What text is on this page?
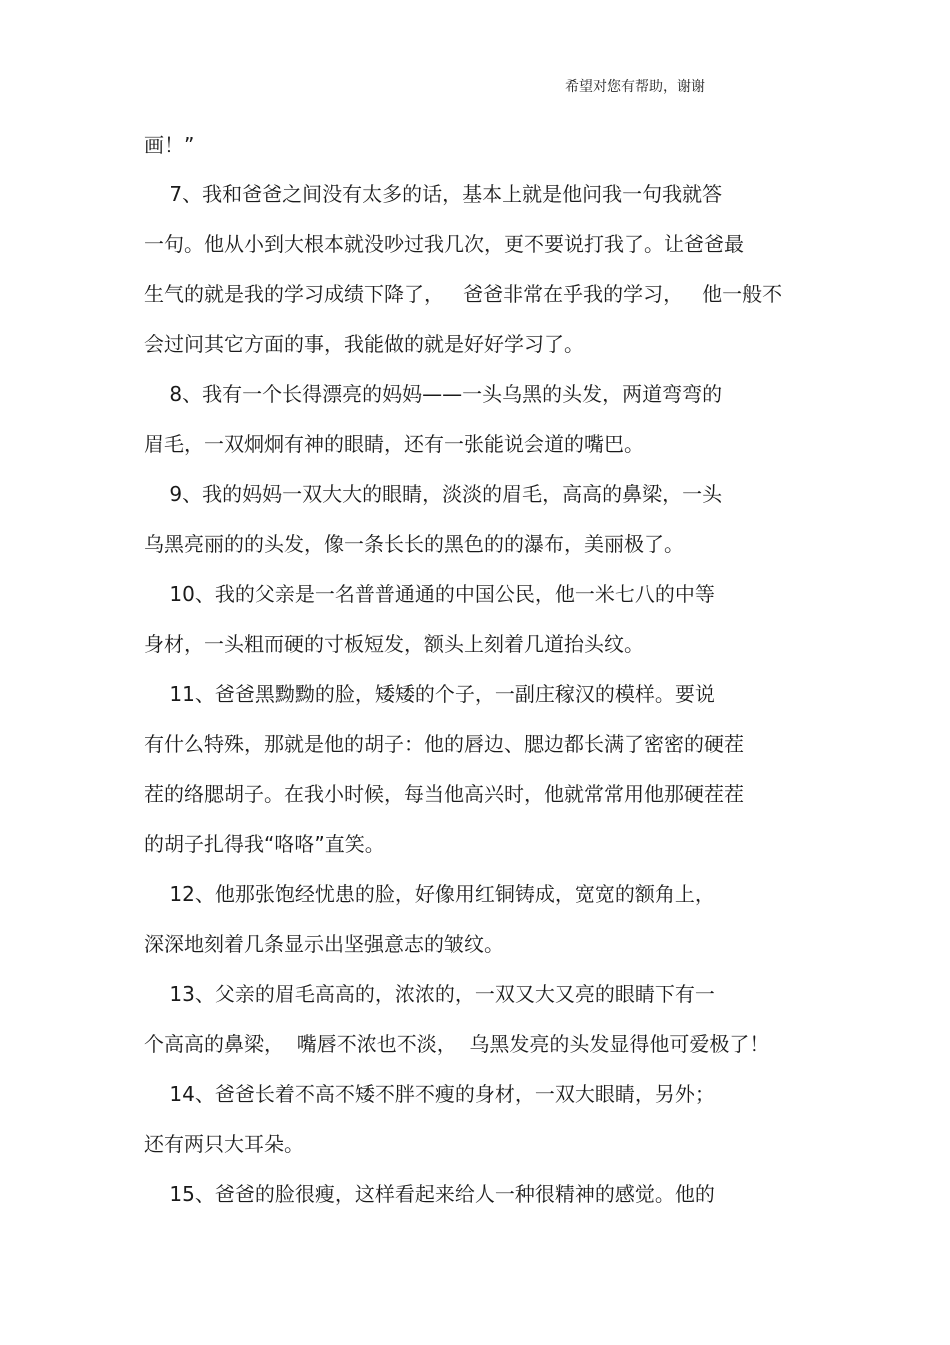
希望对您有帮助，谢谢
画！”
7、我和爸爸之间没有太多的话，基本上就是他问我一句我就答
一句。他从小到大根本就没吵过我几次，更不要说打我了。让爸爸最
生气的就是我的学习成绩下降了，   爸爸非常在乎我的学习，   他一般不
会过问其它方面的事，我能做的就是好好学习了。
8、我有一个长得漂亮的妈妈——一头乌黑的头发，两道弯弯的
眉毛，一双炯炯有神的眼睛，还有一张能说会道的嘴巴。
9、我的妈妈一双大大的眼睛，淡淡的眉毛，高高的鼻梁，一头
乌黑亮丽的的头发，像一条长长的黑色的的瀑布，美丽极了。
10、我的父亲是一名普普通通的中国公民，他一米七八的中等
身材，一头粗而硬的寸板短发，额头上刻着几道抬头纹。
11、爸爸黑黝黝的脸，矮矮的个子，一副庄稼汉的模样。要说
有什么特殊，那就是他的胡子：他的唇边、腮边都长满了密密的硬茬
茬的络腮胡子。在我小时候，每当他高兴时，他就常常用他那硬茬茬
的胡子扎得我“咯咯”直笑。
12、他那张饱经忧患的脸，好像用红铜铸成，宽宽的额角上，
深深地刻着几条显示出坚强意志的皱纹。
13、父亲的眉毛高高的，浓浓的，一双又大又亮的眼睛下有一
个高高的鼻梁，  嘴唇不浓也不淡，  乌黑发亮的头发显得他可爱极了！
14、爸爸长着不高不矮不胖不瘦的身材，一双大眼睛，另外；
还有两只大耳朵。
15、爸爸的脸很瘦，这样看起来给人一种很精神的感觉。他的
